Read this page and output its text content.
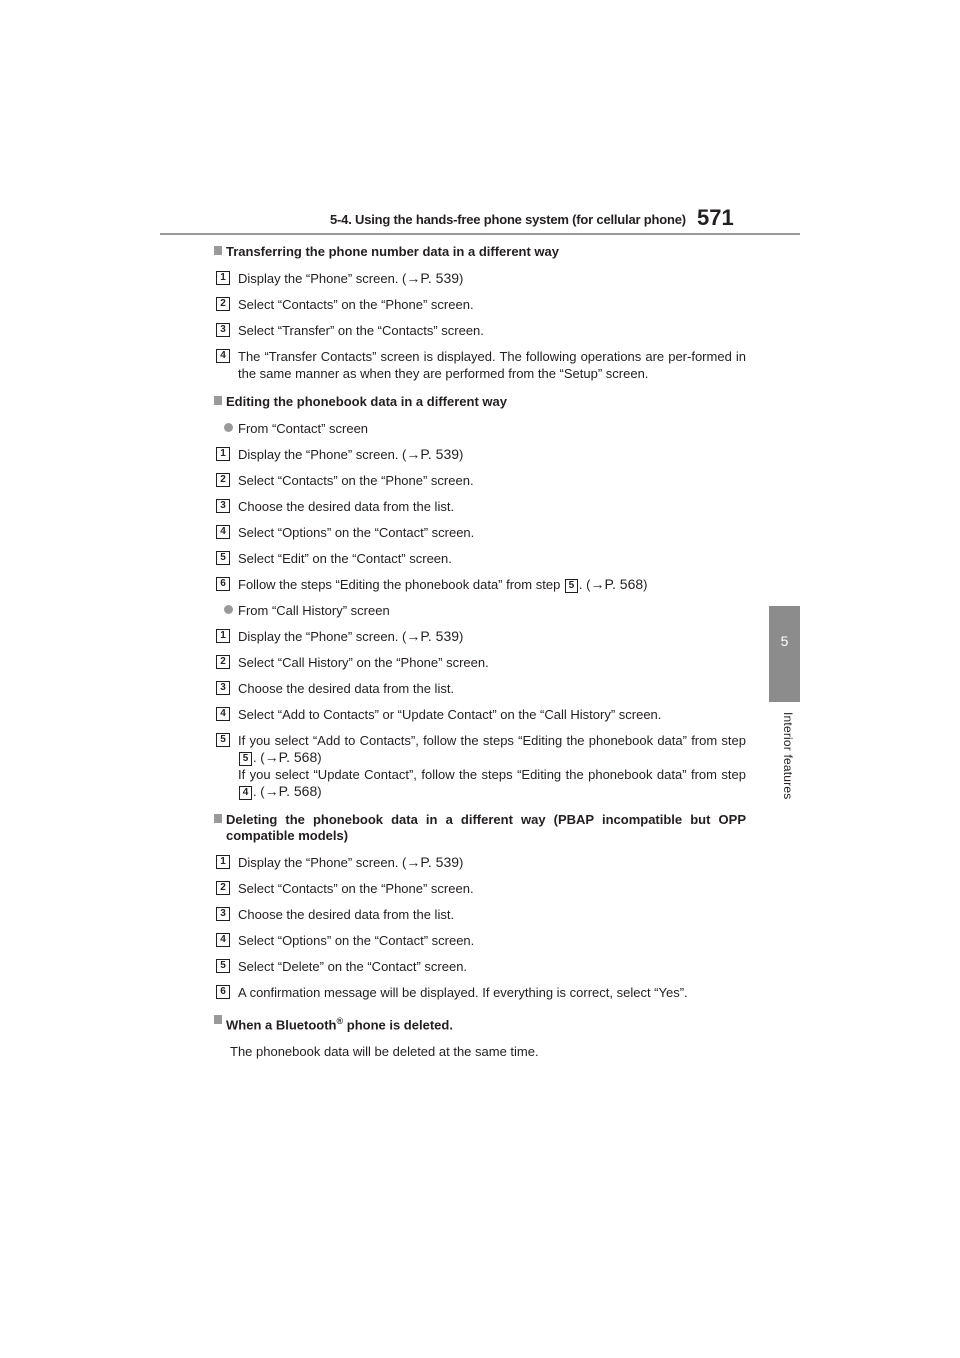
5-4. Using the hands-free phone system (for cellular phone) 571
5
Interior features
Transferring the phone number data in a different way
1 Display the “Phone” screen. (→P. 539)
2 Select “Contacts” on the “Phone” screen.
3 Select “Transfer” on the “Contacts” screen.
4 The “Transfer Contacts” screen is displayed. The following operations are per-formed in the same manner as when they are performed from the “Setup” screen.
Editing the phonebook data in a different way
From “Contact” screen
1 Display the “Phone” screen. (→P. 539)
2 Select “Contacts” on the “Phone” screen.
3 Choose the desired data from the list.
4 Select “Options” on the “Contact” screen.
5 Select “Edit” on the “Contact” screen.
6 Follow the steps “Editing the phonebook data” from step 5 . (→P. 568)
From “Call History” screen
1 Display the “Phone” screen. (→P. 539)
2 Select “Call History” on the “Phone” screen.
3 Choose the desired data from the list.
4 Select “Add to Contacts” or “Update Contact” on the “Call History” screen.
5 If you select “Add to Contacts”, follow the steps “Editing the phonebook data” from step 5 . (→P. 568)
If you select “Update Contact”, follow the steps “Editing the phonebook data” from step 4 . (→P. 568)
Deleting the phonebook data in a different way (PBAP incompatible but OPP compatible models)
1 Display the “Phone” screen. (→P. 539)
2 Select “Contacts” on the “Phone” screen.
3 Choose the desired data from the list.
4 Select “Options” on the “Contact” screen.
5 Select “Delete” on the “Contact” screen.
6 A confirmation message will be displayed. If everything is correct, select “Yes”.
When a Bluetooth® phone is deleted.
The phonebook data will be deleted at the same time.
